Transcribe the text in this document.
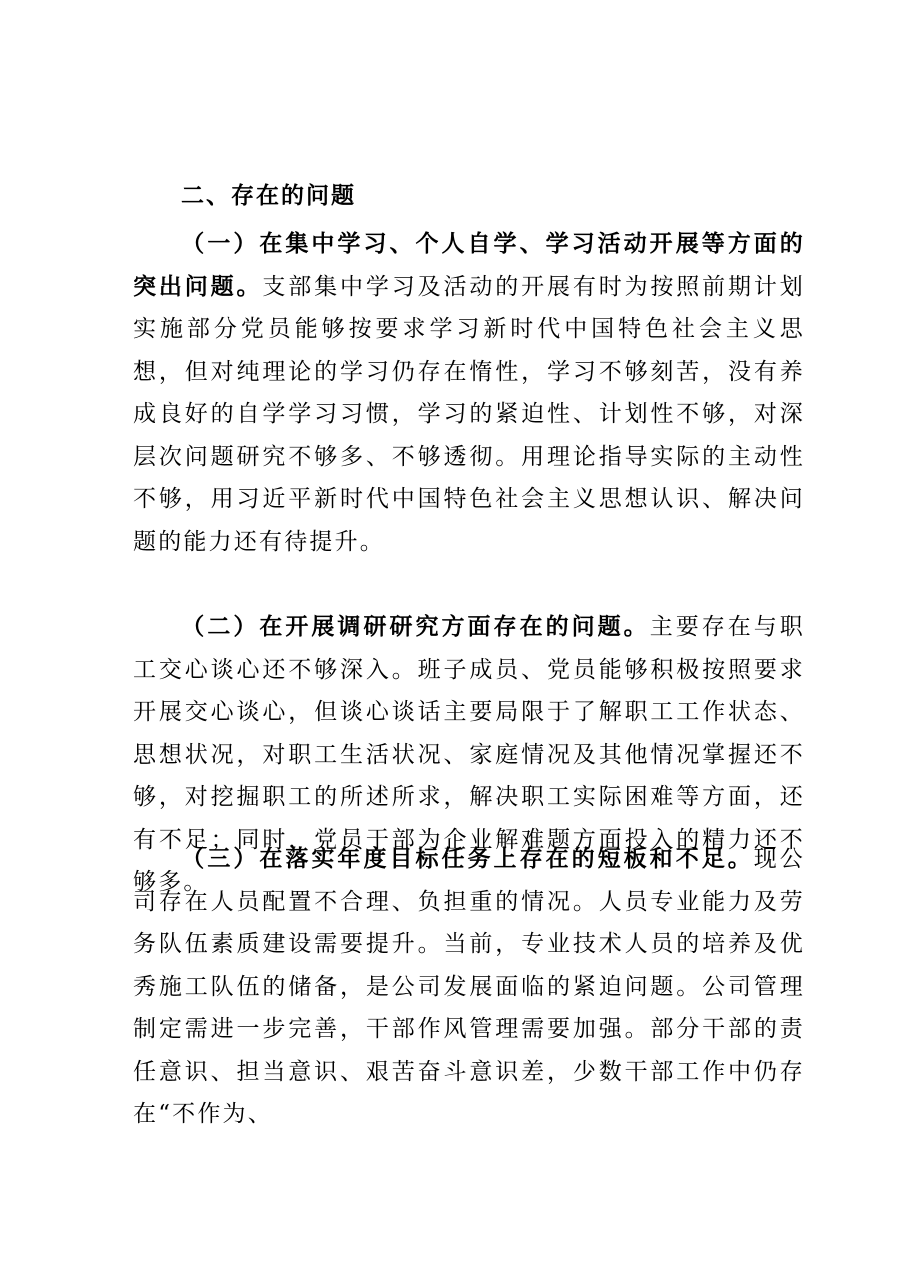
二、存在的问题

（一）在集中学习、个人自学、学习活动开展等方面的突出问题。支部集中学习及活动的开展有时为按照前期计划实施部分党员能够按要求学习新时代中国特色社会主义思想，但对纯理论的学习仍存在惰性，学习不够刻苦，没有养成良好的自学学习习惯，学习的紧迫性、计划性不够，对深层次问题研究不够多、不够透彻。用理论指导实际的主动性不够，用习近平新时代中国特色社会主义思想认识、解决问题的能力还有待提升。

（二）在开展调研研究方面存在的问题。主要存在与职工交心谈心还不够深入。班子成员、党员能够积极按照要求开展交心谈心，但谈心谈话主要局限于了解职工工作状态、思想状况，对职工生活状况、家庭情况及其他情况掌握还不够，对挖掘职工的所述所求，解决职工实际困难等方面，还有不足；同时，党员干部为企业解难题方面投入的精力还不够多。

（三）在落实年度目标任务上存在的短板和不足。现公司存在人员配置不合理、负担重的情况。人员专业能力及劳务队伍素质建设需要提升。当前，专业技术人员的培养及优秀施工队伍的储备，是公司发展面临的紧迫问题。公司管理制定需进一步完善，干部作风管理需要加强。部分干部的责任意识、担当意识、艰苦奋斗意识差，少数干部工作中仍存在“不作为、
